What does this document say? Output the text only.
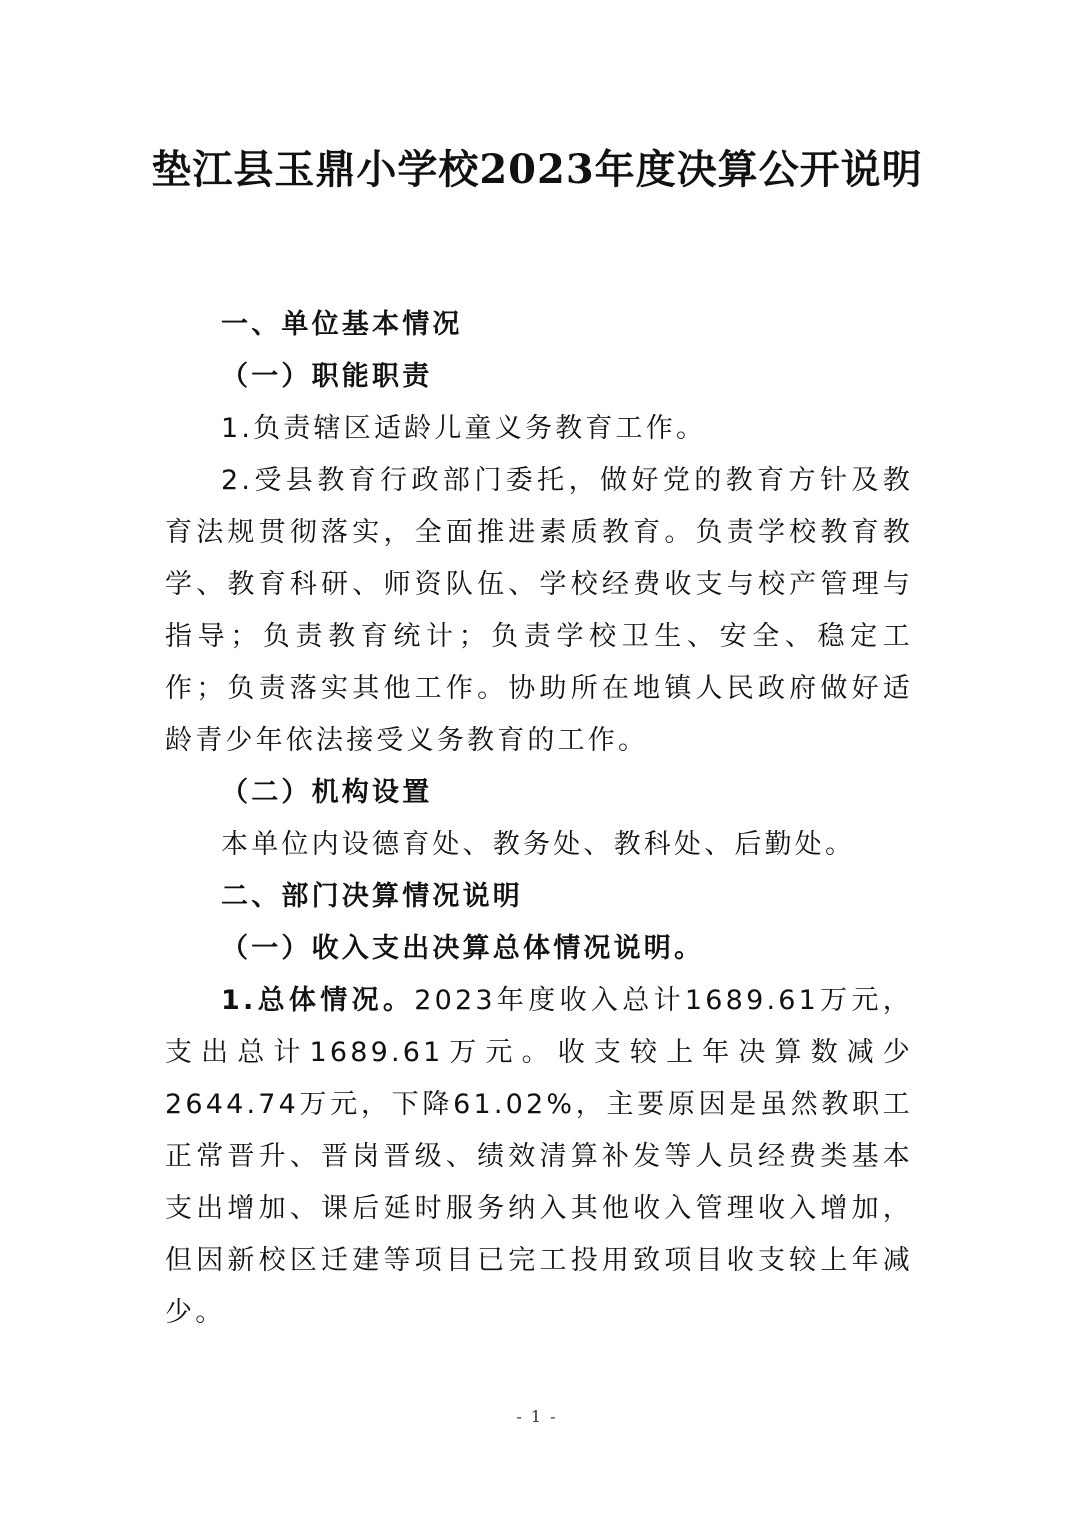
垫江县玉鼎小学校2023年度决算公开说明

一、单位基本情况

（一）职能职责

1.负责辖区适龄儿童义务教育工作。

2.受县教育行政部门委托，做好党的教育方针及教育法规贯彻落实，全面推进素质教育。负责学校教育教学、教育科研、师资队伍、学校经费收支与校产管理与指导；负责教育统计；负责学校卫生、安全、稳定工作；负责落实其他工作。协助所在地镇人民政府做好适龄青少年依法接受义务教育的工作。

（二）机构设置

本单位内设德育处、教务处、教科处、后勤处。

二、部门决算情况说明

（一）收入支出决算总体情况说明。

1.总体情况。2023年度收入总计1689.61万元，支出总计1689.61万元。收支较上年决算数减少2644.74万元，下降61.02%，主要原因是虽然教职工正常晋升、晋岗晋级、绩效清算补发等人员经费类基本支出增加、课后延时服务纳入其他收入管理收入增加，但因新校区迁建等项目已完工投用致项目收支较上年减少。

- 1 -
